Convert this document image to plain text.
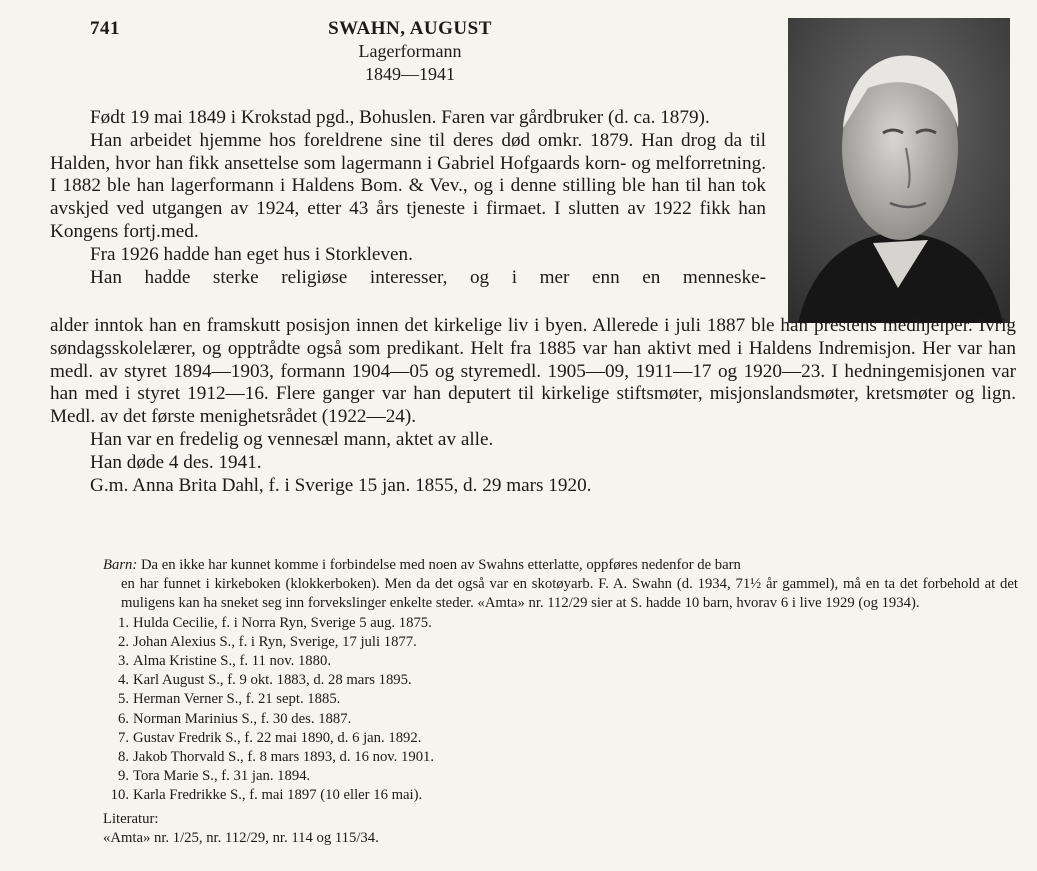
741	SWAHN, AUGUST
Lagerformann
1849—1941

Født 19 mai 1849 i Krokstad pgd., Bohuslen. Faren var gårdbruker (d. ca. 1879).

Han arbeidet hjemme hos foreldrene sine til deres død omkr. 1879. Han drog da til Halden, hvor han fikk ansettelse som lagermann i Gabriel Hofgaards korn- og melforretning. I 1882 ble han lagerformann i Haldens Bom. & Vev., og i denne stilling ble han til han tok avskjed ved utgangen av 1924, etter 43 års tjeneste i firmaet. I slutten av 1922 fikk han Kongens fortj.med.

Fra 1926 hadde han eget hus i Storkleven.

Han hadde sterke religiøse interesser, og i mer enn en menneske-

alder inntok han en framskutt posisjon innen det kirkelige liv i byen. Allerede i juli 1887 ble han prestens medhjelper. Ivrig søndagsskolelærer, og opptrådte også som predikant. Helt fra 1885 var han aktivt med i Haldens Indremisjon. Her var han medl. av styret 1894—1903, formann 1904—05 og styremedl. 1905—09, 1911—17 og 1920—23. I hedningemisjonen var han med i styret 1912—16. Flere ganger var han deputert til kirkelige stiftsmøter, misjonslandsmøter, kretsmøter og lign. Medl. av det første menighetsrådet (1922—24).

Han var en fredelig og vennesæl mann, aktet av alle.

Han døde 4 des. 1941.

G.m. Anna Brita Dahl, f. i Sverige 15 jan. 1855, d. 29 mars 1920.

Barn: Da en ikke har kunnet komme i forbindelse med noen av Swahns etterlatte, oppføres nedenfor de barn
en har funnet i kirkeboken (klokkerboken). Men da det også var en skotøyarb. F. A. Swahn (d. 1934, 71½ år gammel), må en ta det forbehold at det muligens kan ha sneket seg inn forvekslinger enkelte steder. «Amta» nr. 112/29 sier at S. hadde 10 barn, hvorav 6 i live 1929 (og 1934).

1. Hulda Cecilie, f. i Norra Ryn, Sverige 5 aug. 1875.
2. Johan Alexius S., f. i Ryn, Sverige, 17 juli 1877.
3. Alma Kristine S., f. 11 nov. 1880.
4. Karl August S., f. 9 okt. 1883, d. 28 mars 1895.
5. Herman Verner S., f. 21 sept. 1885.
6. Norman Marinius S., f. 30 des. 1887.
7. Gustav Fredrik S., f. 22 mai 1890, d. 6 jan. 1892.
8. Jakob Thorvald S., f. 8 mars 1893, d. 16 nov. 1901.
9. Tora Marie S., f. 31 jan. 1894.
10. Karla Fredrikke S., f. mai 1897 (10 eller 16 mai).
Literatur:
«Amta» nr. 1/25, nr. 112/29, nr. 114 og 115/34.
